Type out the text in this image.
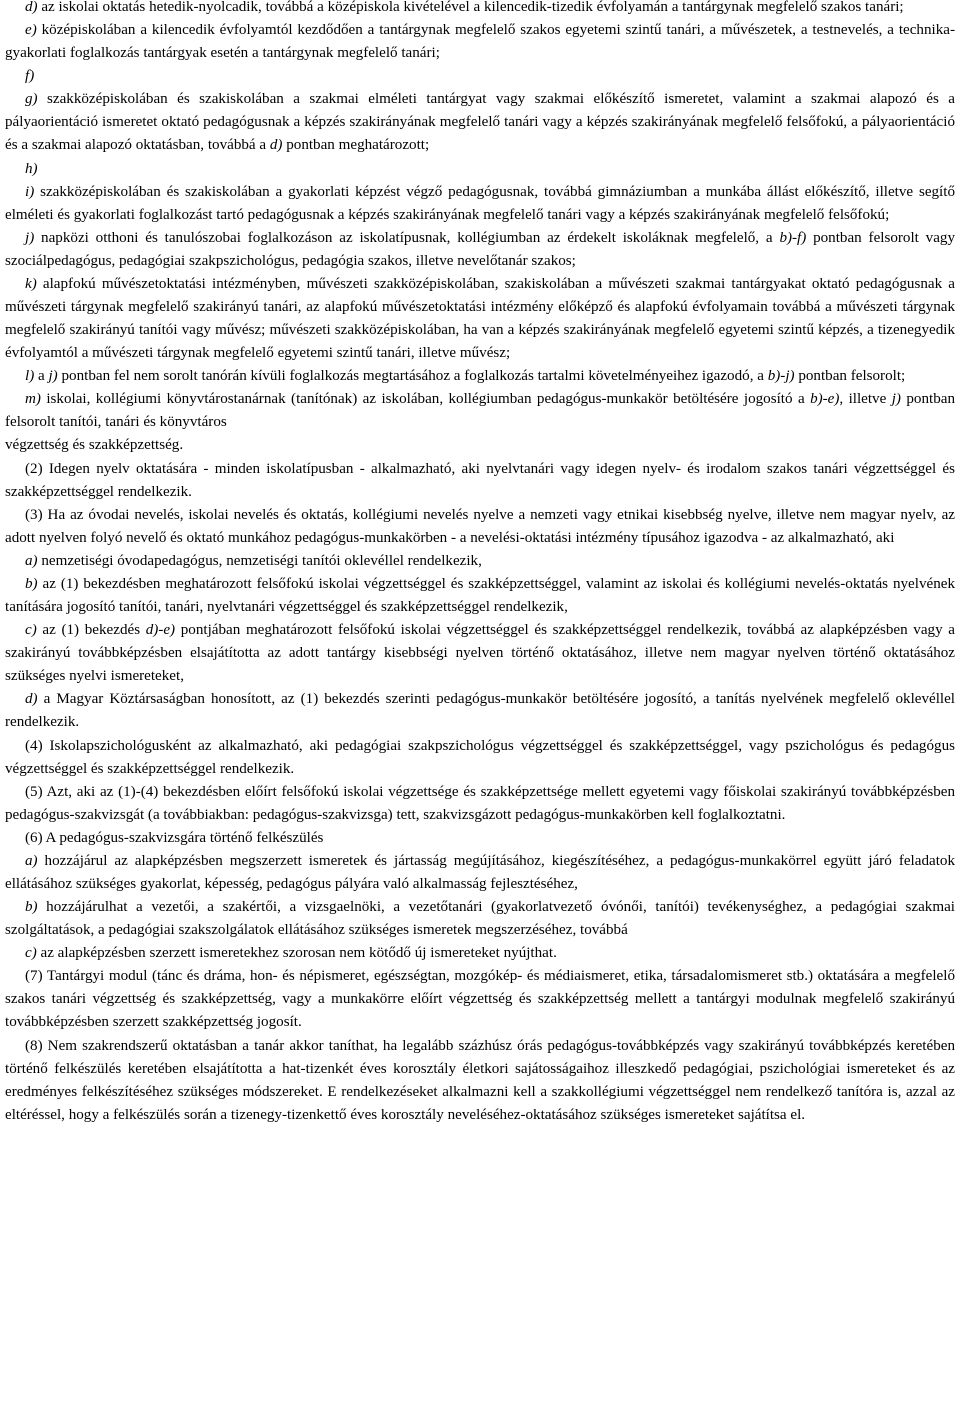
d) az iskolai oktatás hetedik-nyolcadik, továbbá a középiskola kivételével a kilencedik-tizedik évfolyamán a tantárgynak megfelelő szakos tanári;

e) középiskolában a kilencedik évfolyamtól kezdődően a tantárgynak megfelelő szakos egyetemi szintű tanári, a művészetek, a testnevelés, a technika-gyakorlati foglalkozás tantárgyak esetén a tantárgynak megfelelő tanári;

f)

g) szakközépiskolában és szakiskolában a szakmai elméleti tantárgyat vagy szakmai előkészítő ismeretet, valamint a szakmai alapozó és a pályaorientáció ismeretet oktató pedagógusnak a képzés szakirányának megfelelő tanári vagy a képzés szakirányának megfelelő felsőfokú, a pályaorientáció és a szakmai alapozó oktatásban, továbbá a d) pontban meghatározott;

h)

i) szakközépiskolában és szakiskolában a gyakorlati képzést végző pedagógusnak, továbbá gimnáziumban a munkába állást előkészítő, illetve segítő elméleti és gyakorlati foglalkozást tartó pedagógusnak a képzés szakirányának megfelelő tanári vagy a képzés szakirányának megfelelő felsőfokú;

j) napközi otthoni és tanulószobai foglalkozáson az iskolatípusnak, kollégiumban az érdekelt iskoláknak megfelelő, a b)-f) pontban felsorolt vagy szociálpedagógus, pedagógiai szakpszichológus, pedagógia szakos, illetve nevelőtanár szakos;

k) alapfokú művészetoktatási intézményben, művészeti szakközépiskolában, szakiskolában a művészeti szakmai tantárgyakat oktató pedagógusnak a művészeti tárgynak megfelelő szakirányú tanári, az alapfokú művészetoktatási intézmény előképző és alapfokú évfolyamain továbbá a művészeti tárgynak megfelelő szakirányú tanítói vagy művész; művészeti szakközépiskolában, ha van a képzés szakirányának megfelelő egyetemi szintű képzés, a tizenegyedik évfolyamtól a művészeti tárgynak megfelelő egyetemi szintű tanári, illetve művész;

l) a j) pontban fel nem sorolt tanórán kívüli foglalkozás megtartásához a foglalkozás tartalmi követelményeihez igazodó, a b)-j) pontban felsorolt;

m) iskolai, kollégiumi könyvtárostanárnak (tanítónak) az iskolában, kollégiumban pedagógus-munkakör betöltésére jogosító a b)-e), illetve j) pontban felsorolt tanítói, tanári és könyvtáros

végzettség és szakképzettség.

(2) Idegen nyelv oktatására - minden iskolatípusban - alkalmazható, aki nyelvtanári vagy idegen nyelv- és irodalom szakos tanári végzettséggel és szakképzettséggel rendelkezik.

(3) Ha az óvodai nevelés, iskolai nevelés és oktatás, kollégiumi nevelés nyelve a nemzeti vagy etnikai kisebbség nyelve, illetve nem magyar nyelv, az adott nyelven folyó nevelő és oktató munkához pedagógus-munkakörben - a nevelési-oktatási intézmény típusához igazodva - az alkalmazható, aki

a) nemzetiségi óvodapedagógus, nemzetiségi tanítói oklevéllel rendelkezik,

b) az (1) bekezdésben meghatározott felsőfokú iskolai végzettséggel és szakképzettséggel, valamint az iskolai és kollégiumi nevelés-oktatás nyelvének tanítására jogosító tanítói, tanári, nyelvtanári végzettséggel és szakképzettséggel rendelkezik,

c) az (1) bekezdés d)-e) pontjában meghatározott felsőfokú iskolai végzettséggel és szakképzettséggel rendelkezik, továbbá az alapképzésben vagy a szakirányú továbbképzésben elsajátította az adott tantárgy kisebbségi nyelven történő oktatásához, illetve nem magyar nyelven történő oktatásához szükséges nyelvi ismereteket,

d) a Magyar Köztársaságban honosított, az (1) bekezdés szerinti pedagógus-munkakör betöltésére jogosító, a tanítás nyelvének megfelelő oklevéllel rendelkezik.

(4) Iskolapszichológusként az alkalmazható, aki pedagógiai szakpszichológus végzettséggel és szakképzettséggel, vagy pszichológus és pedagógus végzettséggel és szakképzettséggel rendelkezik.

(5) Azt, aki az (1)-(4) bekezdésben előírt felsőfokú iskolai végzettsége és szakképzettsége mellett egyetemi vagy főiskolai szakirányú továbbképzésben pedagógus-szakvizsgát (a továbbiakban: pedagógus-szakvizsga) tett, szakvizsgázott pedagógus-munkakörben kell foglalkoztatni.

(6) A pedagógus-szakvizsgára történő felkészülés

a) hozzájárul az alapképzésben megszerzett ismeretek és jártasság megújításához, kiegészítéséhez, a pedagógus-munkakörrel együtt járó feladatok ellátásához szükséges gyakorlat, képesség, pedagógus pályára való alkalmasság fejlesztéséhez,

b) hozzájárulhat a vezetői, a szakértői, a vizsgaelnöki, a vezetőtanári (gyakorlatvezető óvónői, tanítói) tevékenységhez, a pedagógiai szakmai szolgáltatások, a pedagógiai szakszolgálatok ellátásához szükséges ismeretek megszerzéséhez, továbbá

c) az alapképzésben szerzett ismeretekhez szorosan nem kötődő új ismereteket nyújthat.

(7) Tantárgyi modul (tánc és dráma, hon- és népismeret, egészségtan, mozgókép- és médiaismeret, etika, társadalomismeret stb.) oktatására a megfelelő szakos tanári végzettség és szakképzettség, vagy a munkakörre előírt végzettség és szakképzettség mellett a tantárgyi modulnak megfelelő szakirányú továbbképzésben szerzett szakképzettség jogosít.

(8) Nem szakrendszerű oktatásban a tanár akkor taníthat, ha legalább százhúsz órás pedagógus-továbbképzés vagy szakirányú továbbképzés keretében történő felkészülés keretében elsajátította a hat-tizenkét éves korosztály életkori sajátosságaihoz illeszkedő pedagógiai, pszichológiai ismereteket és az eredményes felkészítéséhez szükséges módszereket. E rendelkezéseket alkalmazni kell a szakkollégiumi végzettséggel nem rendelkező tanítóra is, azzal az eltéréssel, hogy a felkészülés során a tizenegy-tizenkettő éves korosztály neveléséhez-oktatásához szükséges ismereteket sajátítsa el.
